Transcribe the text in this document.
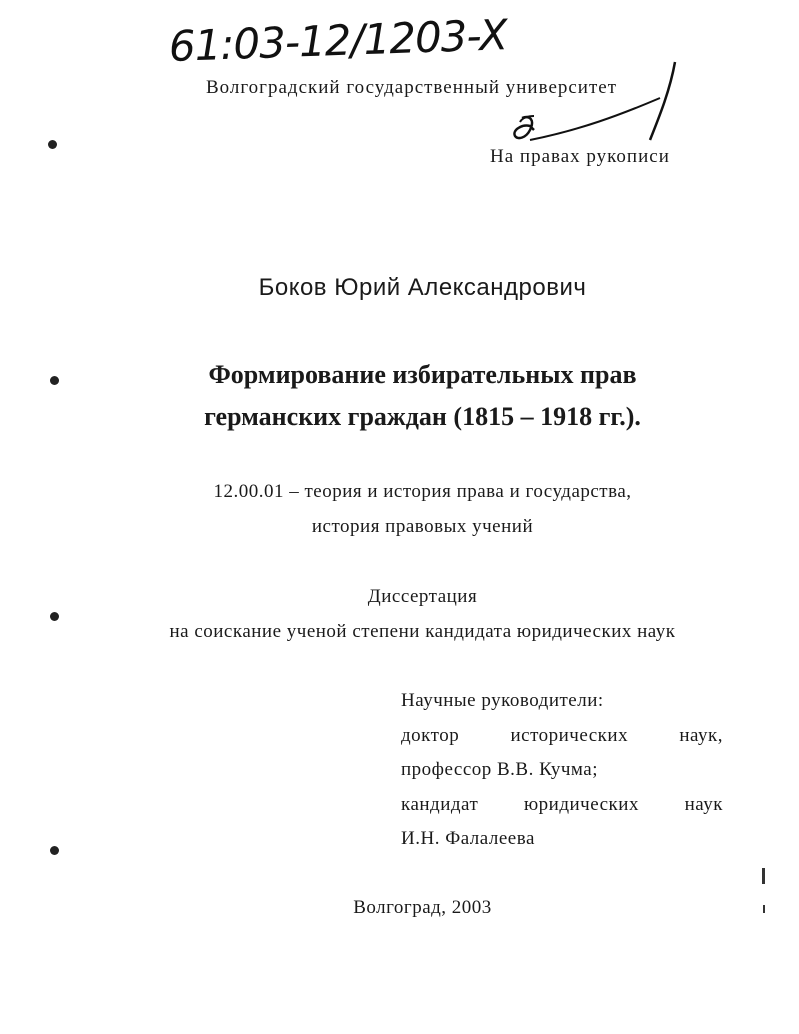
61:03-12/1203-X
Волгоградский государственный университет
На правах рукописи
Боков Юрий Александрович
Формирование избирательных прав
германских граждан (1815 – 1918 гг.).
12.00.01 – теория и история права и государства,
история правовых учений
Диссертация
на соискание ученой степени кандидата юридических наук
Научные руководители:
доктор	исторических	наук,
профессор В.В. Кучма;
кандидат юридических наук
И.Н. Фалалеева
Волгоград, 2003
